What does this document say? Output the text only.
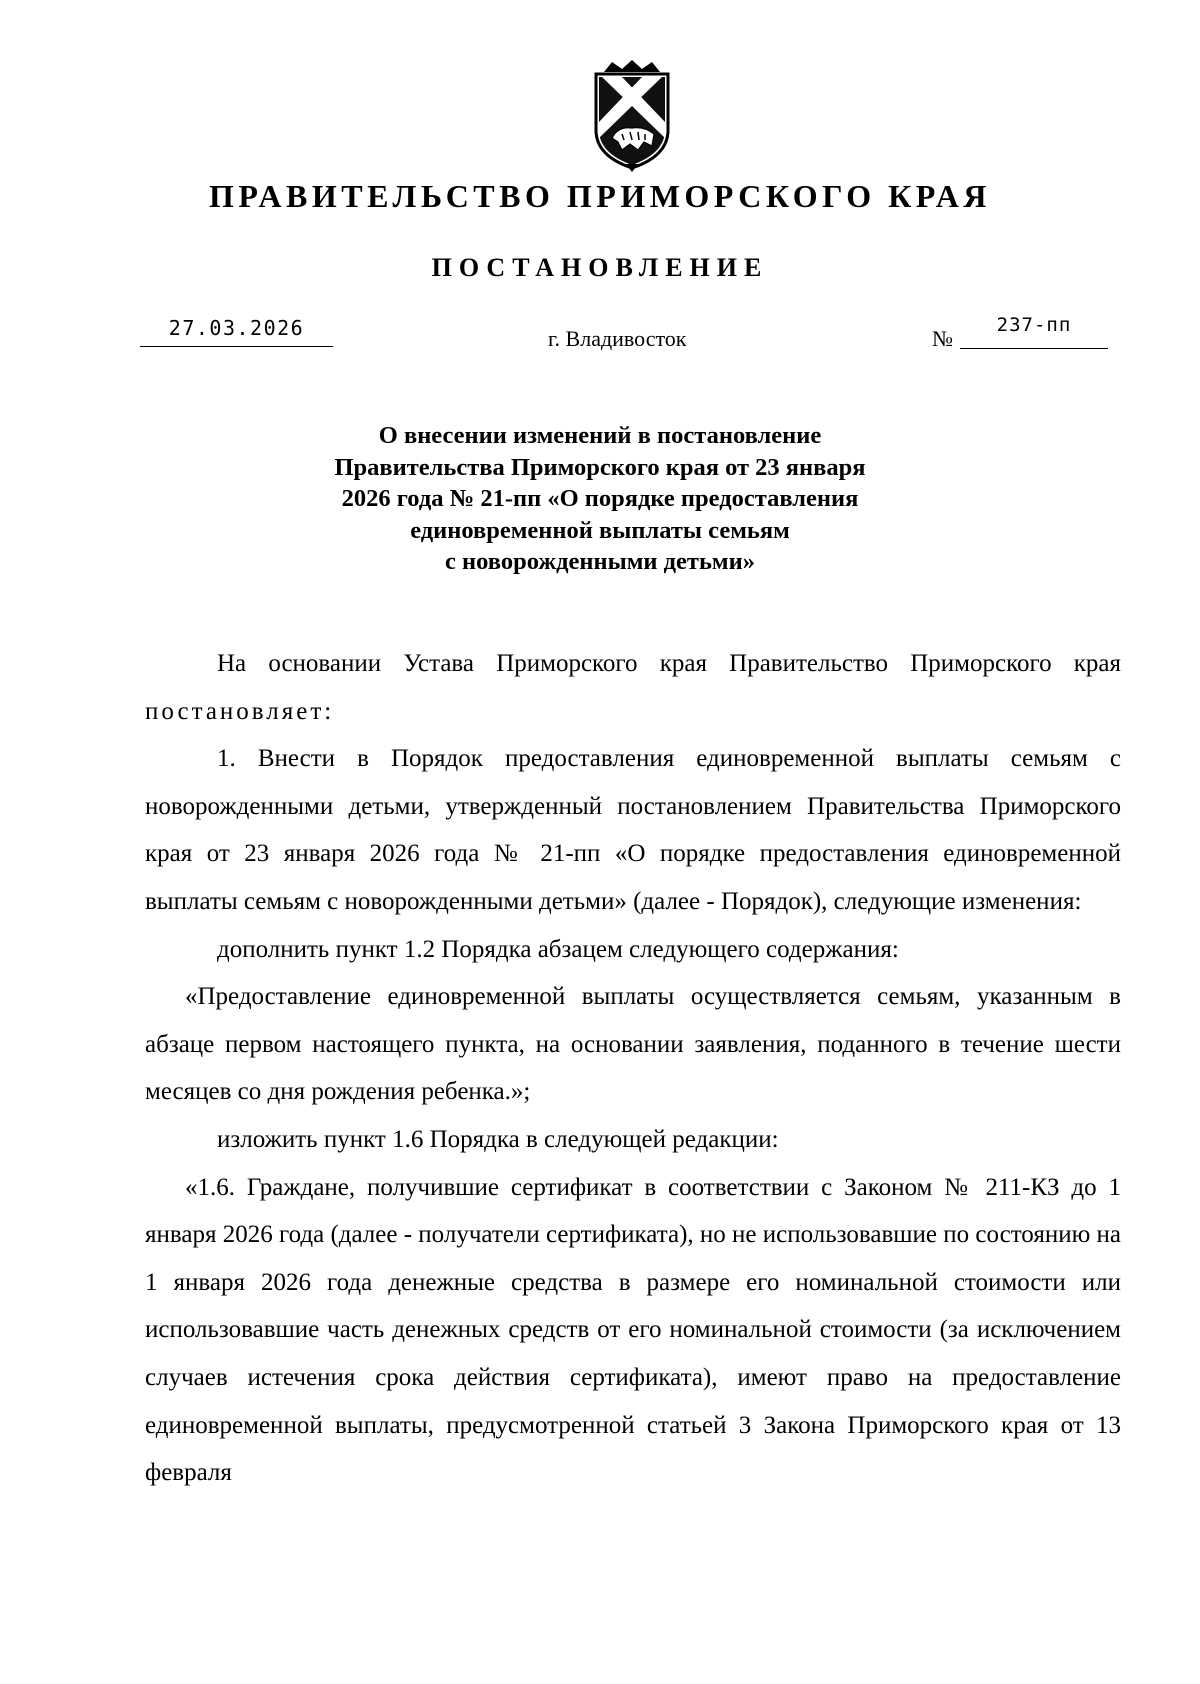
ПРАВИТЕЛЬСТВО ПРИМОРСКОГО КРАЯ
ПОСТАНОВЛЕНИЕ
27.03.2026	г. Владивосток	№
237-пп
О внесении изменений в постановление
Правительства Приморского края от 23 января
2026 года № 21-пп «О порядке предоставления
единовременной выплаты семьям
с новорожденными детьми»

На основании Устава Приморского края Правительство Приморского края постановляет:

1. Внести в Порядок предоставления единовременной выплаты семьям с новорожденными детьми, утвержденный постановлением Правительства Приморского края от 23 января 2026 года № 21-пп «О порядке предоставления единовременной выплаты семьям с новорожденными детьми» (далее - Порядок), следующие изменения:

дополнить пункт 1.2 Порядка абзацем следующего содержания:

«Предоставление единовременной выплаты осуществляется семьям, указанным в абзаце первом настоящего пункта, на основании заявления, поданного в течение шести месяцев со дня рождения ребенка.»;

изложить пункт 1.6 Порядка в следующей редакции:

«1.6. Граждане, получившие сертификат в соответствии с Законом № 211-КЗ до 1 января 2026 года (далее - получатели сертификата), но не использовавшие по состоянию на 1 января 2026 года денежные средства в размере его номинальной стоимости или использовавшие часть денежных средств от его номинальной стоимости (за исключением случаев истечения срока действия сертификата), имеют право на предоставление единовременной выплаты, предусмотренной статьей 3 Закона Приморского края от 13 февраля
